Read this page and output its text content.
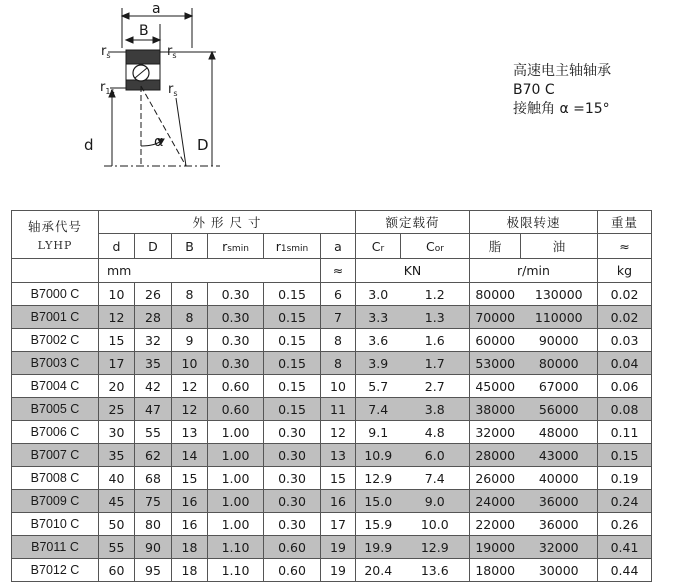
a
B
$r_s$	$r_s$
$r_{1s}$	$r_s$
d	D
α
高速电主轴轴承
B70 C
接触角 α =15°
轴承代号
LYHP	外 形 尺 寸						额定载荷		极限转速		重量
	d	D	B	rsmin	r1smin	a	Cr	Cor	脂	油	≈
	mm					≈	KN		r/min		kg
B7000 C	10	26	8	0.30	0.15	6	3.0	1.2	80000	130000	0.02
B7001 C	12	28	8	0.30	0.15	7	3.3	1.3	70000	110000	0.02
B7002 C	15	32	9	0.30	0.15	8	3.6	1.6	60000	90000	0.03
B7003 C	17	35	10	0.30	0.15	8	3.9	1.7	53000	80000	0.04
B7004 C	20	42	12	0.60	0.15	10	5.7	2.7	45000	67000	0.06
B7005 C	25	47	12	0.60	0.15	11	7.4	3.8	38000	56000	0.08
B7006 C	30	55	13	1.00	0.30	12	9.1	4.8	32000	48000	0.11
B7007 C	35	62	14	1.00	0.30	13	10.9	6.0	28000	43000	0.15
B7008 C	40	68	15	1.00	0.30	15	12.9	7.4	26000	40000	0.19
B7009 C	45	75	16	1.00	0.30	16	15.0	9.0	24000	36000	0.24
B7010 C	50	80	16	1.00	0.30	17	15.9	10.0	22000	36000	0.26
B7011 C	55	90	18	1.10	0.60	19	19.9	12.9	19000	32000	0.41
B7012 C	60	95	18	1.10	0.60	19	20.4	13.6	18000	30000	0.44
